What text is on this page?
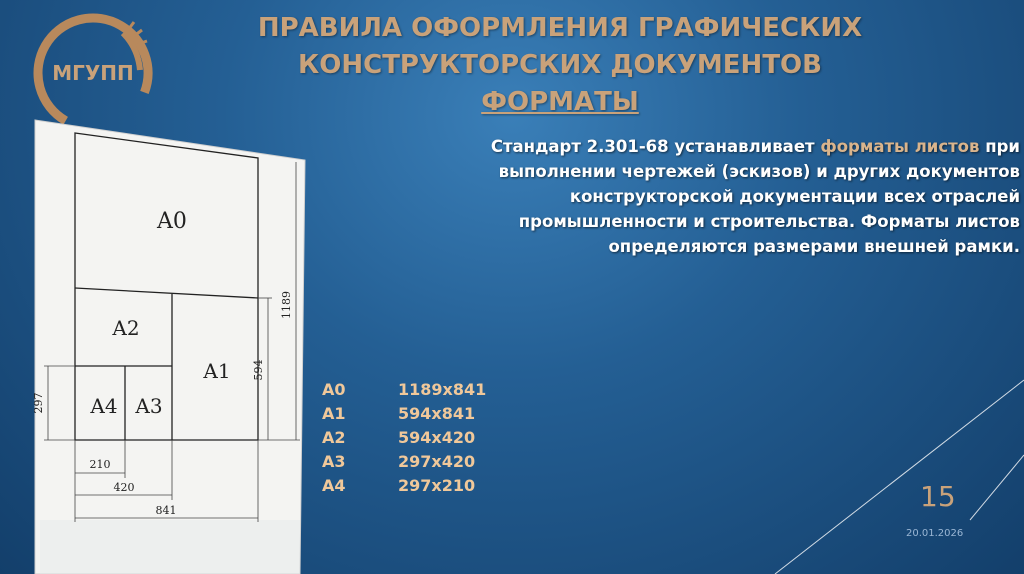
МГУПП
ПРАВИЛА ОФОРМЛЕНИЯ ГРАФИЧЕСКИХ
КОНСТРУКТОРСКИХ ДОКУМЕНТОВ
ФОРМАТЫ
A0
A1
A2
A3
A4
1189
594
297
210
420
841
Стандарт 2.301-68 устанавливает форматы листов при выполнении чертежей (эскизов) и других документов конструкторской документации всех отраслей промышленности и строительства. Форматы листов определяются размерами внешней рамки.
А0	1189x841
А1	594x841
А2	594x420
А3	297x420
А4	297x210	15
20.01.2026
